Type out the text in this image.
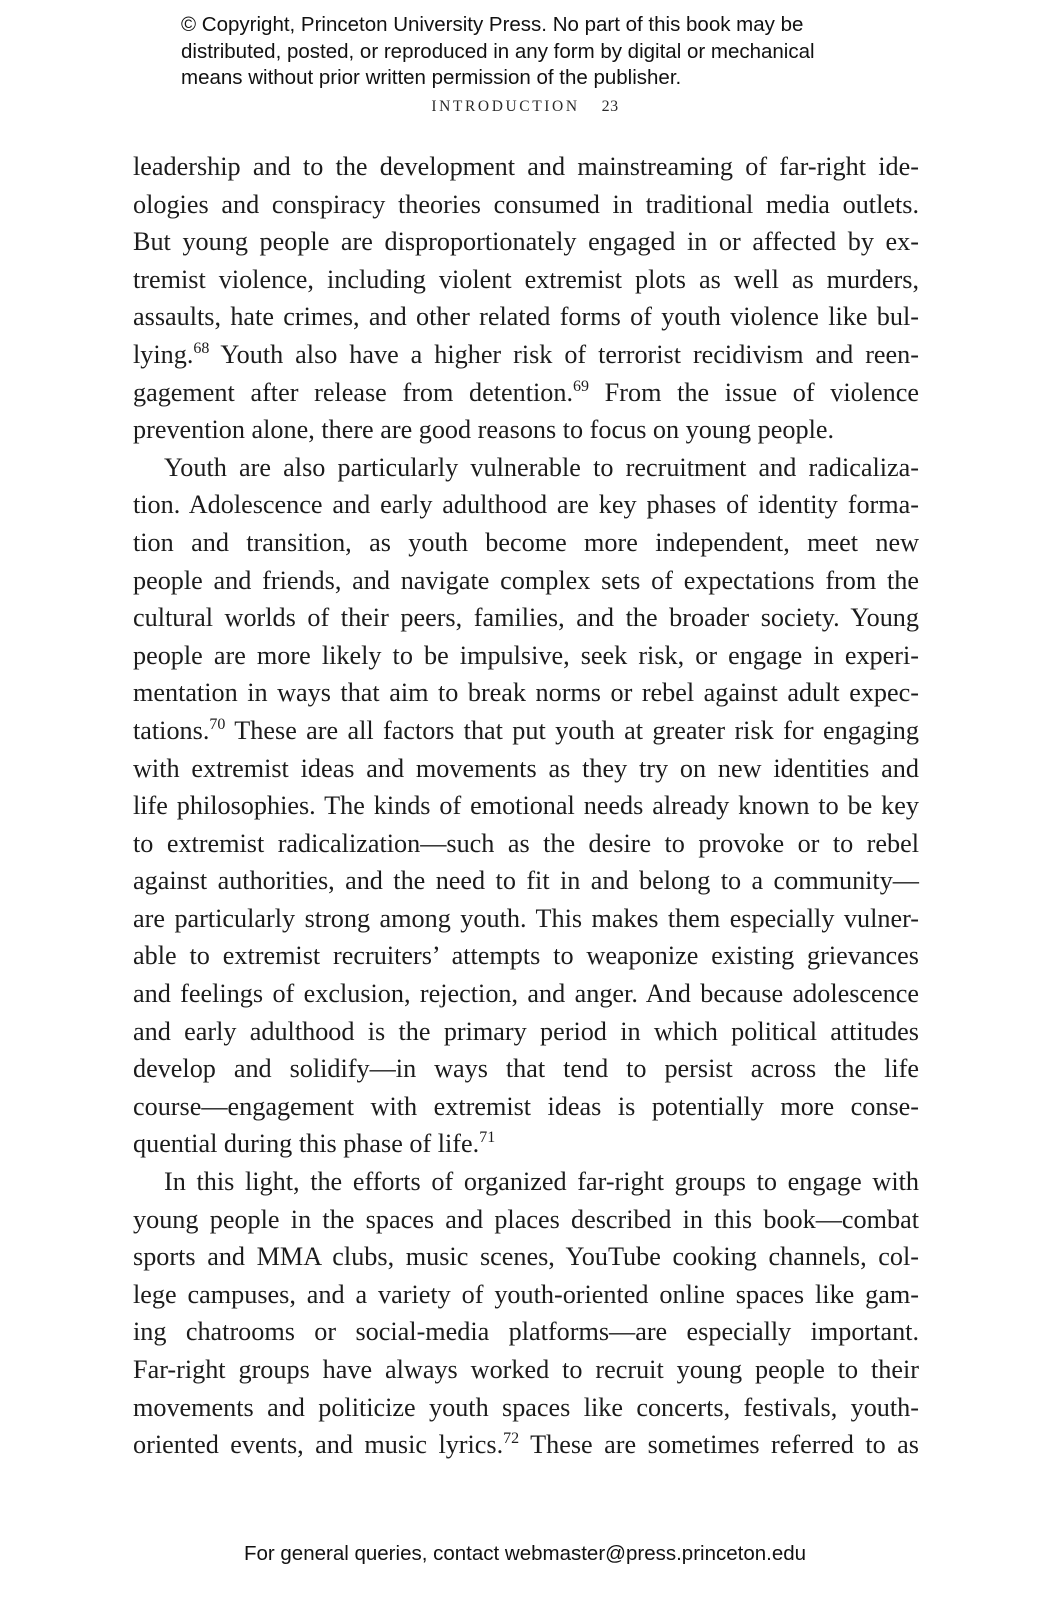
© Copyright, Princeton University Press. No part of this book may be
distributed, posted, or reproduced in any form by digital or mechanical
means without prior written permission of the publisher.
INTRODUCTION 23
leadership and to the development and mainstreaming of far-right ide-
ologies and conspiracy theories consumed in traditional media outlets.
But young people are disproportionately engaged in or affected by ex-
tremist violence, including violent extremist plots as well as murders,
assaults, hate crimes, and other related forms of youth violence like bul-
lying.$^{68}$ Youth also have a higher risk of terrorist recidivism and reen-
gagement after release from detention.$^{69}$ From the issue of violence
prevention alone, there are good reasons to focus on young people.
Youth are also particularly vulnerable to recruitment and radicaliza-
tion. Adolescence and early adulthood are key phases of identity forma-
tion and transition, as youth become more independent, meet new
people and friends, and navigate complex sets of expectations from the
cultural worlds of their peers, families, and the broader society. Young
people are more likely to be impulsive, seek risk, or engage in experi-
mentation in ways that aim to break norms or rebel against adult expec-
tations.$^{70}$ These are all factors that put youth at greater risk for engaging
with extremist ideas and movements as they try on new identities and
life philosophies. The kinds of emotional needs already known to be key
to extremist radicalization—such as the desire to provoke or to rebel
against authorities, and the need to fit in and belong to a community—
are particularly strong among youth. This makes them especially vulner-
able to extremist recruiters’ attempts to weaponize existing grievances
and feelings of exclusion, rejection, and anger. And because adolescence
and early adulthood is the primary period in which political attitudes
develop and solidify—in ways that tend to persist across the life
course—engagement with extremist ideas is potentially more conse-
quential during this phase of life.$^{71}$
In this light, the efforts of organized far-right groups to engage with
young people in the spaces and places described in this book—combat
sports and MMA clubs, music scenes, YouTube cooking channels, col-
lege campuses, and a variety of youth-oriented online spaces like gam-
ing chatrooms or social-media platforms—are especially important.
Far-right groups have always worked to recruit young people to their
movements and politicize youth spaces like concerts, festivals, youth-
oriented events, and music lyrics.$^{72}$ These are sometimes referred to as
For general queries, contact webmaster@press.princeton.edu
